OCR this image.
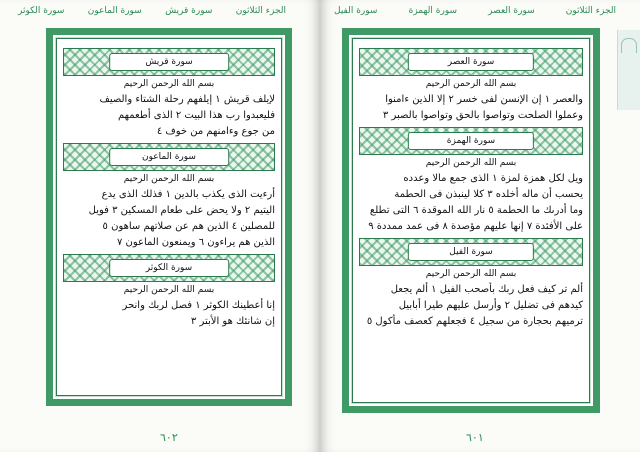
الجزء الثلاثون
سورة قريش
سورة الماعون
سورة الكوثر
سورة قريش
بسم الله الرحمن الرحيم
لإيلف قريش ١ إيلفهم رحلة الشتاء والصيف
فليعبدوا رب هذا البيت ٢ الذى أطعمهم
من جوع وءامنهم من خوف ٤
سورة الماعون
بسم الله الرحمن الرحيم
أرءيت الذى يكذب بالدين ١ فذلك الذى يدع
اليتيم ٢ ولا يحض على طعام المسكين ٣ فويل
للمصلين ٤ الذين هم عن صلاتهم ساهون ٥
الذين هم يراءون ٦ ويمنعون الماعون ٧
سورة الكوثر
بسم الله الرحمن الرحيم
إنا أعطينك الكوثر ١ فصل لربك وانحر
إن شانئك هو الأبتر ٣
٦٠٢
الجزء الثلاثون
سورة العصر
سورة الهمزة
سورة الفيل
سورة العصر
بسم الله الرحمن الرحيم
والعصر ١ إن الإنسن لفى خسر ٢ إلا الذين ءامنوا
وعملوا الصلحت وتواصوا بالحق وتواصوا بالصبر ٣
سورة الهمزة
بسم الله الرحمن الرحيم
ويل لكل همزة لمزة ١ الذى جمع مالا وعدده
يحسب أن ماله أخلده ٣ كلا لينبذن فى الحطمة
وما أدرىك ما الحطمة ٥ نار الله الموقدة ٦ التى تطلع
على الأفئدة ٧ إنها عليهم مؤصدة ٨ فى عمد ممددة ٩
سورة الفيل
بسم الله الرحمن الرحيم
ألم تر كيف فعل ربك بأصحب الفيل ١ ألم يجعل
كيدهم فى تضليل ٢ وأرسل عليهم طيرا أبابيل
ترميهم بحجارة من سجيل ٤ فجعلهم كعصف مأكول ٥
٦٠١
